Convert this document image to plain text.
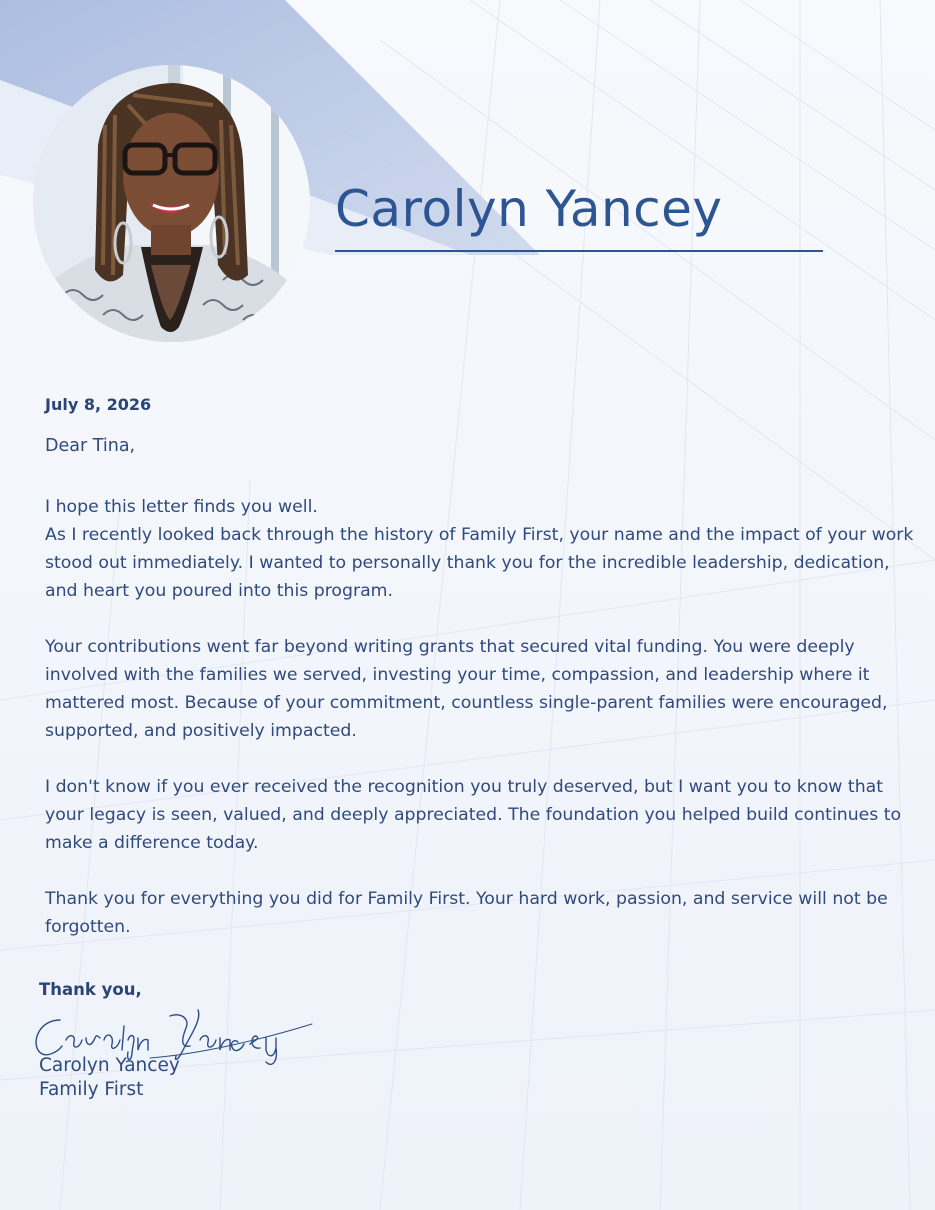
Carolyn Yancey
July 8, 2026
Dear Tina,

I hope this letter finds you well.
As I recently looked back through the history of Family First, your name and the impact of your work stood out immediately. I wanted to personally thank you for the incredible leadership, dedication, and heart you poured into this program.

Your contributions went far beyond writing grants that secured vital funding. You were deeply involved with the families we served, investing your time, compassion, and leadership where it mattered most. Because of your commitment, countless single-parent families were encouraged, supported, and positively impacted.

I don't know if you ever received the recognition you truly deserved, but I want you to know that your legacy is seen, valued, and deeply appreciated. The foundation you helped build continues to make a difference today.

Thank you for everything you did for Family First. Your hard work, passion, and service will not be forgotten.

Thank you,
Carolyn Yancey
Family First
